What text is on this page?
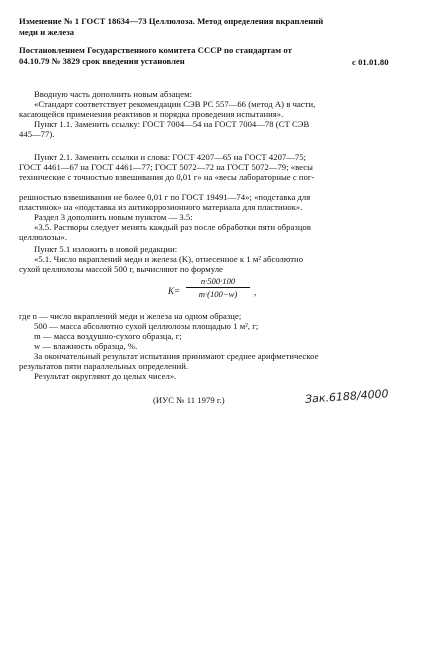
Изменение № 1 ГОСТ 18634—73 Целлюлоза. Метод определения вкраплений
меди и железа
Постановлением Государственного комитета СССР по стандартам от
04.10.79 № 3829 срок введения установлен	с 01.01.80
Вводную часть дополнить новым абзацем:
«Стандарт соответствует рекомендации СЭВ РС 557—66 (метод А) в части,
касающейся применения реактивов и порядка проведения испытания».
Пункт 1.1. Заменить ссылку: ГОСТ 7004—54 на ГОСТ 7004—78 (СТ СЭВ
445—77).
Пункт 2.1. Заменить ссылки и слова: ГОСТ 4207—65 на ГОСТ 4207—75;
ГОСТ 4461—67 на ГОСТ 4461—77; ГОСТ 5072—72 на ГОСТ 5072—79; «весы
технические с точностью взвешивания до 0,01 г» на «весы лабораторные с пог-
решностью взвешивания не более 0,01 г по ГОСТ 19491—74»; «подставка для
пластинок» на «подставка из антикоррозионного материала для пластинок».
Раздел 3 дополнить новым пунктом — 3.5:
«3.5. Растворы следует менять каждый раз после обработки пяти образцов
целлюлозы».
Пункт 5.1 изложить в новой редакции:
«5.1. Число вкраплений меди и железа (K), отнесенное к 1 м² абсолютно
сухой целлюлозы массой 500 г, вычисляют по формуле
K=
n·500·100
m·(100−w) ,
где n — число вкраплений меди и железа на одном образце;
500 — масса абсолютно сухой целлюлозы площадью 1 м², г;
m — масса воздушно-сухого образца, г;
w — влажность образца, %.
За окончательный результат испытания принимают среднее арифметическое
результатов пяти параллельных определений.
Результат округляют до целых чисел».
(ИУС № 11 1979 г.)	Зак.6188/4000
